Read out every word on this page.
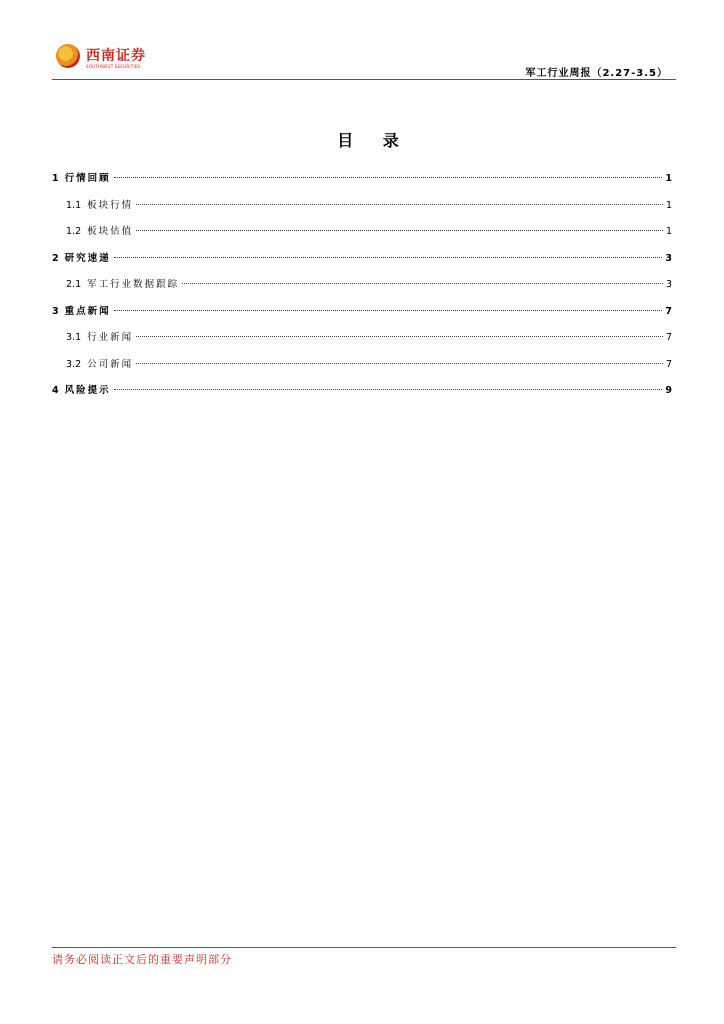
西南证券
SOUTHWEST SECURITIES
军工行业周报（2.27-3.5）
目 录
1 行情回顾	1
1.1 板块行情	1
1.2 板块估值	1
2 研究速递	3
2.1 军工行业数据跟踪	3
3 重点新闻	7
3.1 行业新闻	7
3.2 公司新闻	7
4 风险提示	9
请务必阅读正文后的重要声明部分
